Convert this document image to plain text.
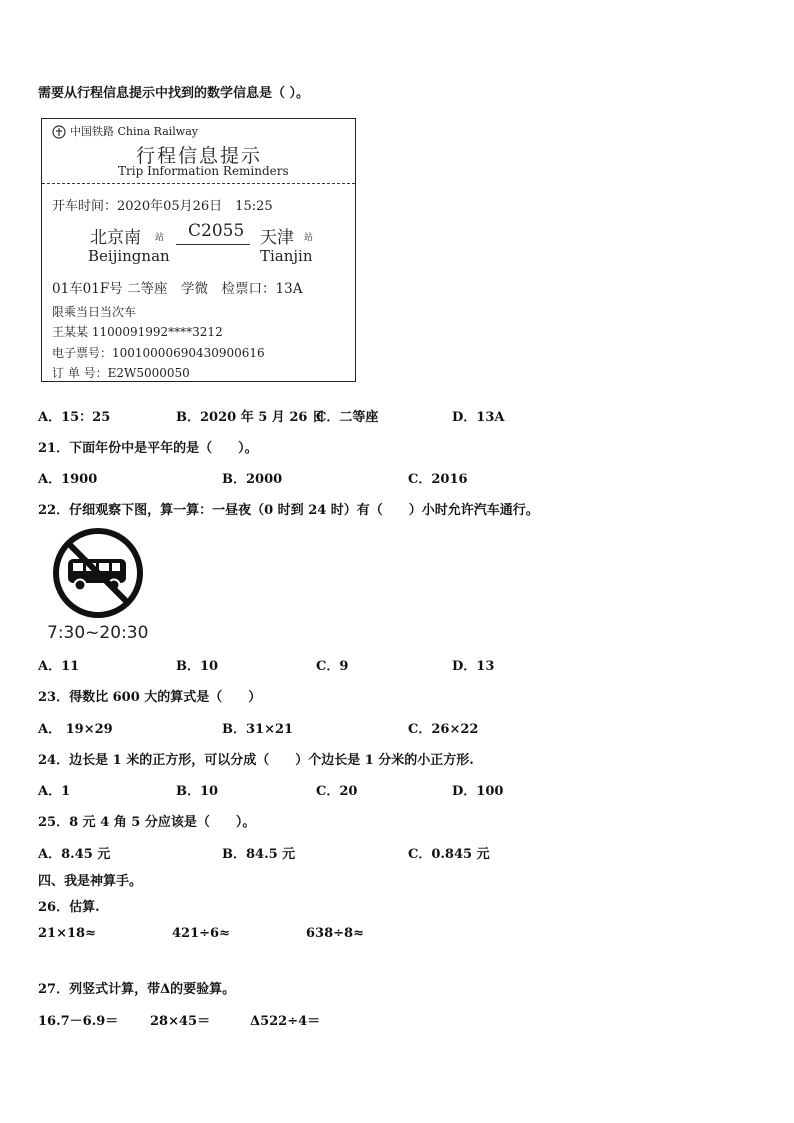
需要从行程信息提示中找到的数学信息是（ ）。
中国铁路 China Railway
行程信息提示
Trip Information Reminders
开车时间：2020年05月26日　15:25
北京南 站 C2055 天津 站
Beijingnan	Tianjin
01车01F号 二等座　学微　检票口：13A
限乘当日当次车
王某某 1100091992****3212
电子票号：10010000690430900616
订 单 号：E2W5000050
A．15：25	B．2020 年 5 月 26 日
C．二等座	D．13A
21．下面年份中是平年的是（　　）。
A．1900	B．2000	C．2016
22．仔细观察下图，算一算：一昼夜（0 时到 24 时）有（　　）小时允许汽车通行。
7:30~20:30
A．11	B．10	C．9	D．13
23．得数比 600 大的算式是（　　）
A． 19×29	B．31×21	C．26×22
24．边长是 1 米的正方形，可以分成（　　）个边长是 1 分米的小正方形.
A．1	B．10	C．20	D．100
25．8 元 4 角 5 分应该是（　　）。
A．8.45 元	B．84.5 元	C．0.845 元
四、我是神算手。
26．估算.
21×18≈	421÷6≈	638÷8≈
27．列竖式计算，带Δ的要验算。
16.7－6.9＝ 28×45＝	Δ522÷4＝
